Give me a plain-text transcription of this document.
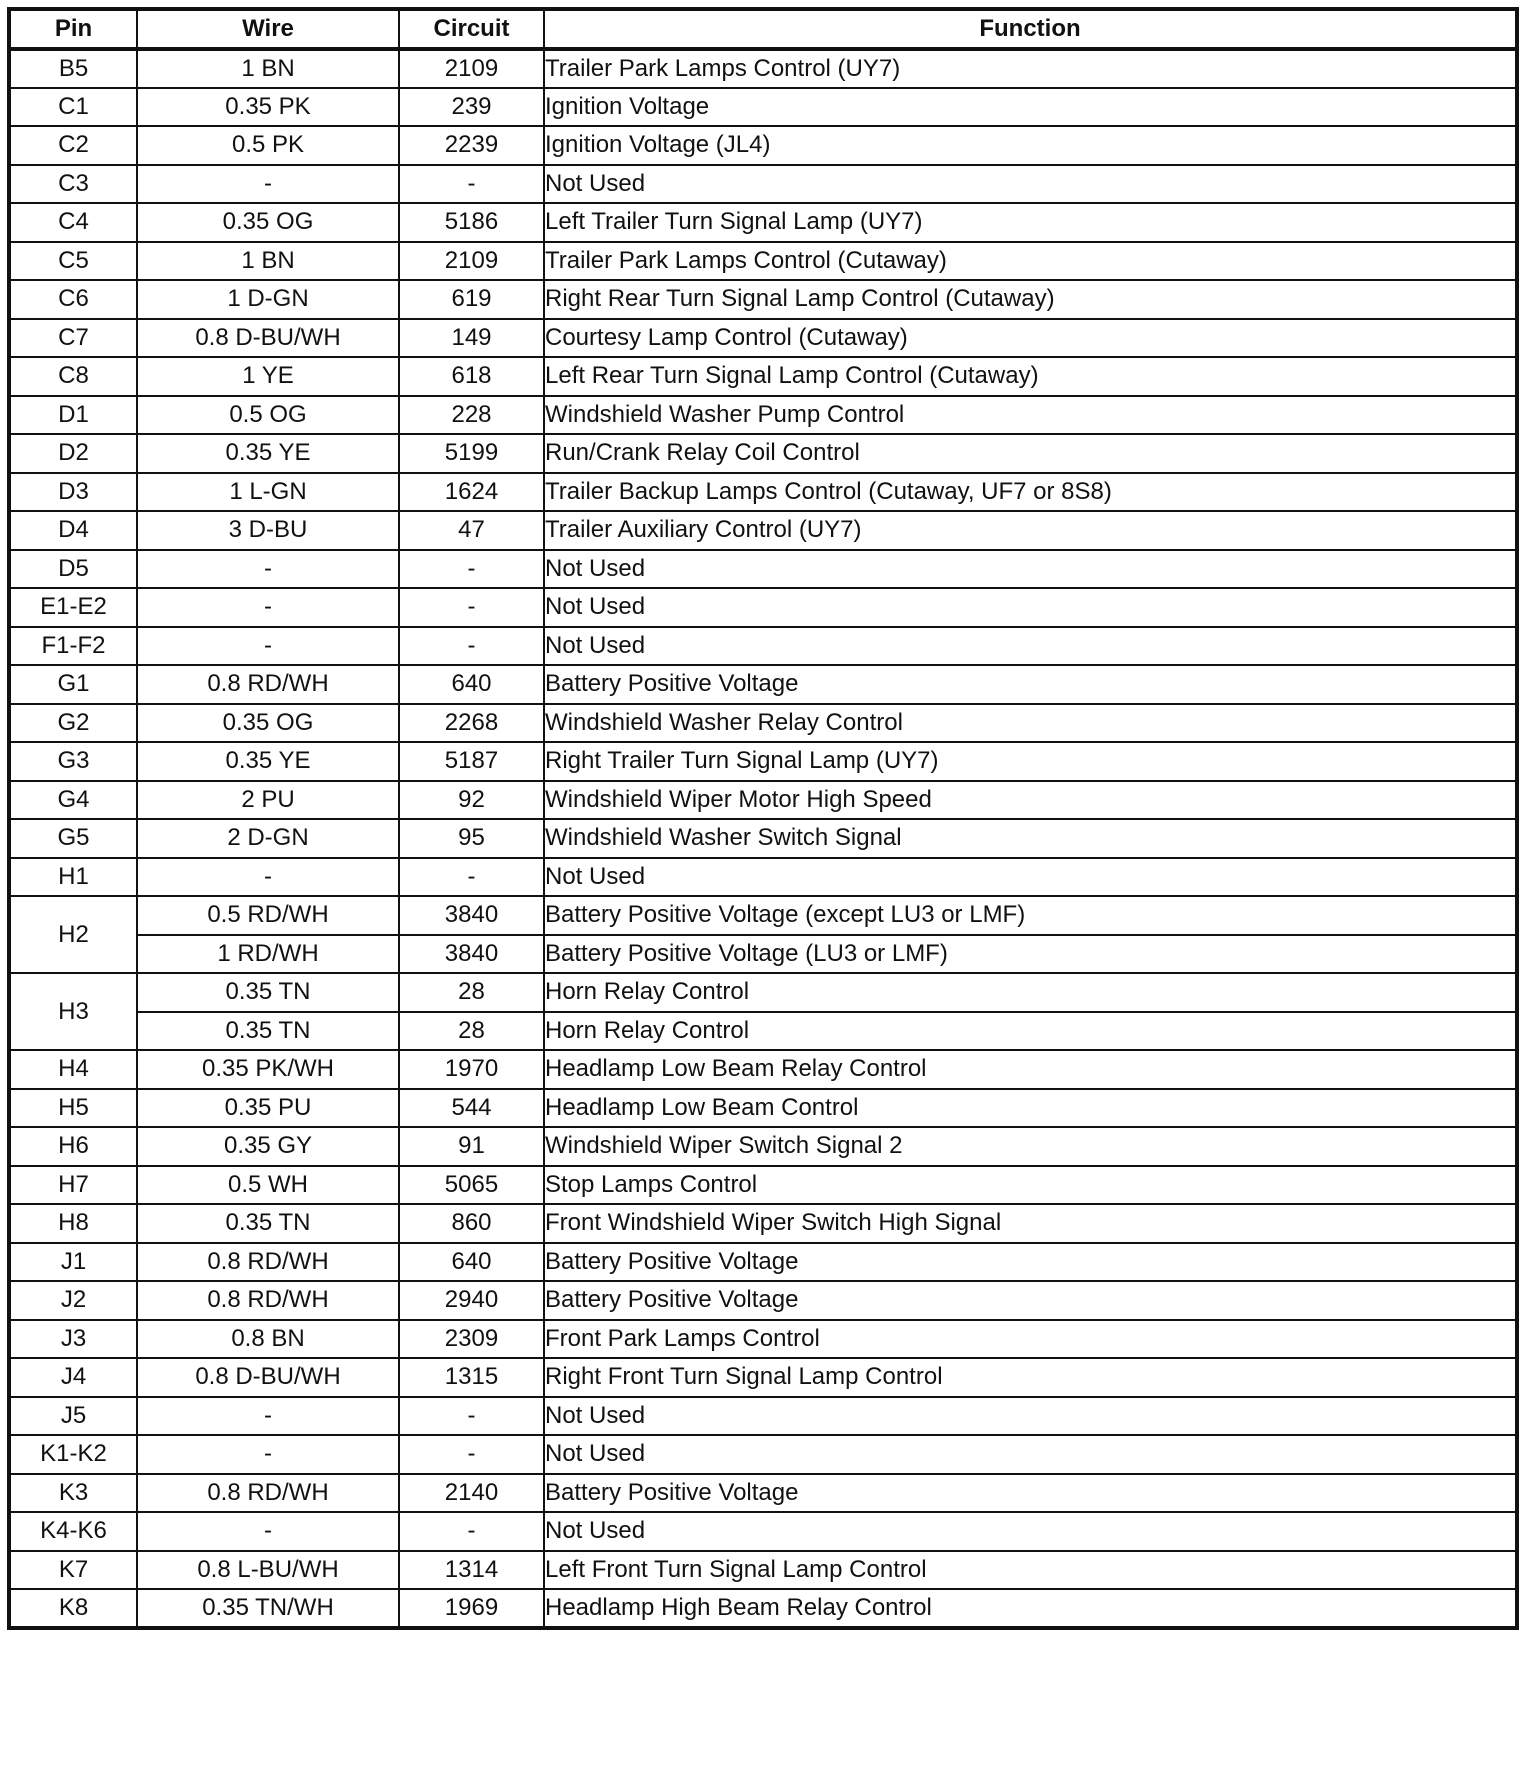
Pin	Wire	Circuit	Function
B5	1 BN	2109	Trailer Park Lamps Control (UY7)
C1	0.35 PK	239	Ignition Voltage
C2	0.5 PK	2239	Ignition Voltage (JL4)
C3	-	-	Not Used
C4	0.35 OG	5186	Left Trailer Turn Signal Lamp (UY7)
C5	1 BN	2109	Trailer Park Lamps Control (Cutaway)
C6	1 D-GN	619	Right Rear Turn Signal Lamp Control (Cutaway)
C7	0.8 D-BU/WH	149	Courtesy Lamp Control (Cutaway)
C8	1 YE	618	Left Rear Turn Signal Lamp Control (Cutaway)
D1	0.5 OG	228	Windshield Washer Pump Control
D2	0.35 YE	5199	Run/Crank Relay Coil Control
D3	1 L-GN	1624	Trailer Backup Lamps Control (Cutaway, UF7 or 8S8)
D4	3 D-BU	47	Trailer Auxiliary Control (UY7)
D5	-	-	Not Used
E1-E2	-	-	Not Used
F1-F2	-	-	Not Used
G1	0.8 RD/WH	640	Battery Positive Voltage
G2	0.35 OG	2268	Windshield Washer Relay Control
G3	0.35 YE	5187	Right Trailer Turn Signal Lamp (UY7)
G4	2 PU	92	Windshield Wiper Motor High Speed
G5	2 D-GN	95	Windshield Washer Switch Signal
H1	-	-	Not Used
H2	0.5 RD/WH	3840	Battery Positive Voltage (except LU3 or LMF)
	1 RD/WH	3840	Battery Positive Voltage (LU3 or LMF)
H3	0.35 TN	28	Horn Relay Control
	0.35 TN	28	Horn Relay Control
H4	0.35 PK/WH	1970	Headlamp Low Beam Relay Control
H5	0.35 PU	544	Headlamp Low Beam Control
H6	0.35 GY	91	Windshield Wiper Switch Signal 2
H7	0.5 WH	5065	Stop Lamps Control
H8	0.35 TN	860	Front Windshield Wiper Switch High Signal
J1	0.8 RD/WH	640	Battery Positive Voltage
J2	0.8 RD/WH	2940	Battery Positive Voltage
J3	0.8 BN	2309	Front Park Lamps Control
J4	0.8 D-BU/WH	1315	Right Front Turn Signal Lamp Control
J5	-	-	Not Used
K1-K2	-	-	Not Used
K3	0.8 RD/WH	2140	Battery Positive Voltage
K4-K6	-	-	Not Used
K7	0.8 L-BU/WH	1314	Left Front Turn Signal Lamp Control
K8	0.35 TN/WH	1969	Headlamp High Beam Relay Control
